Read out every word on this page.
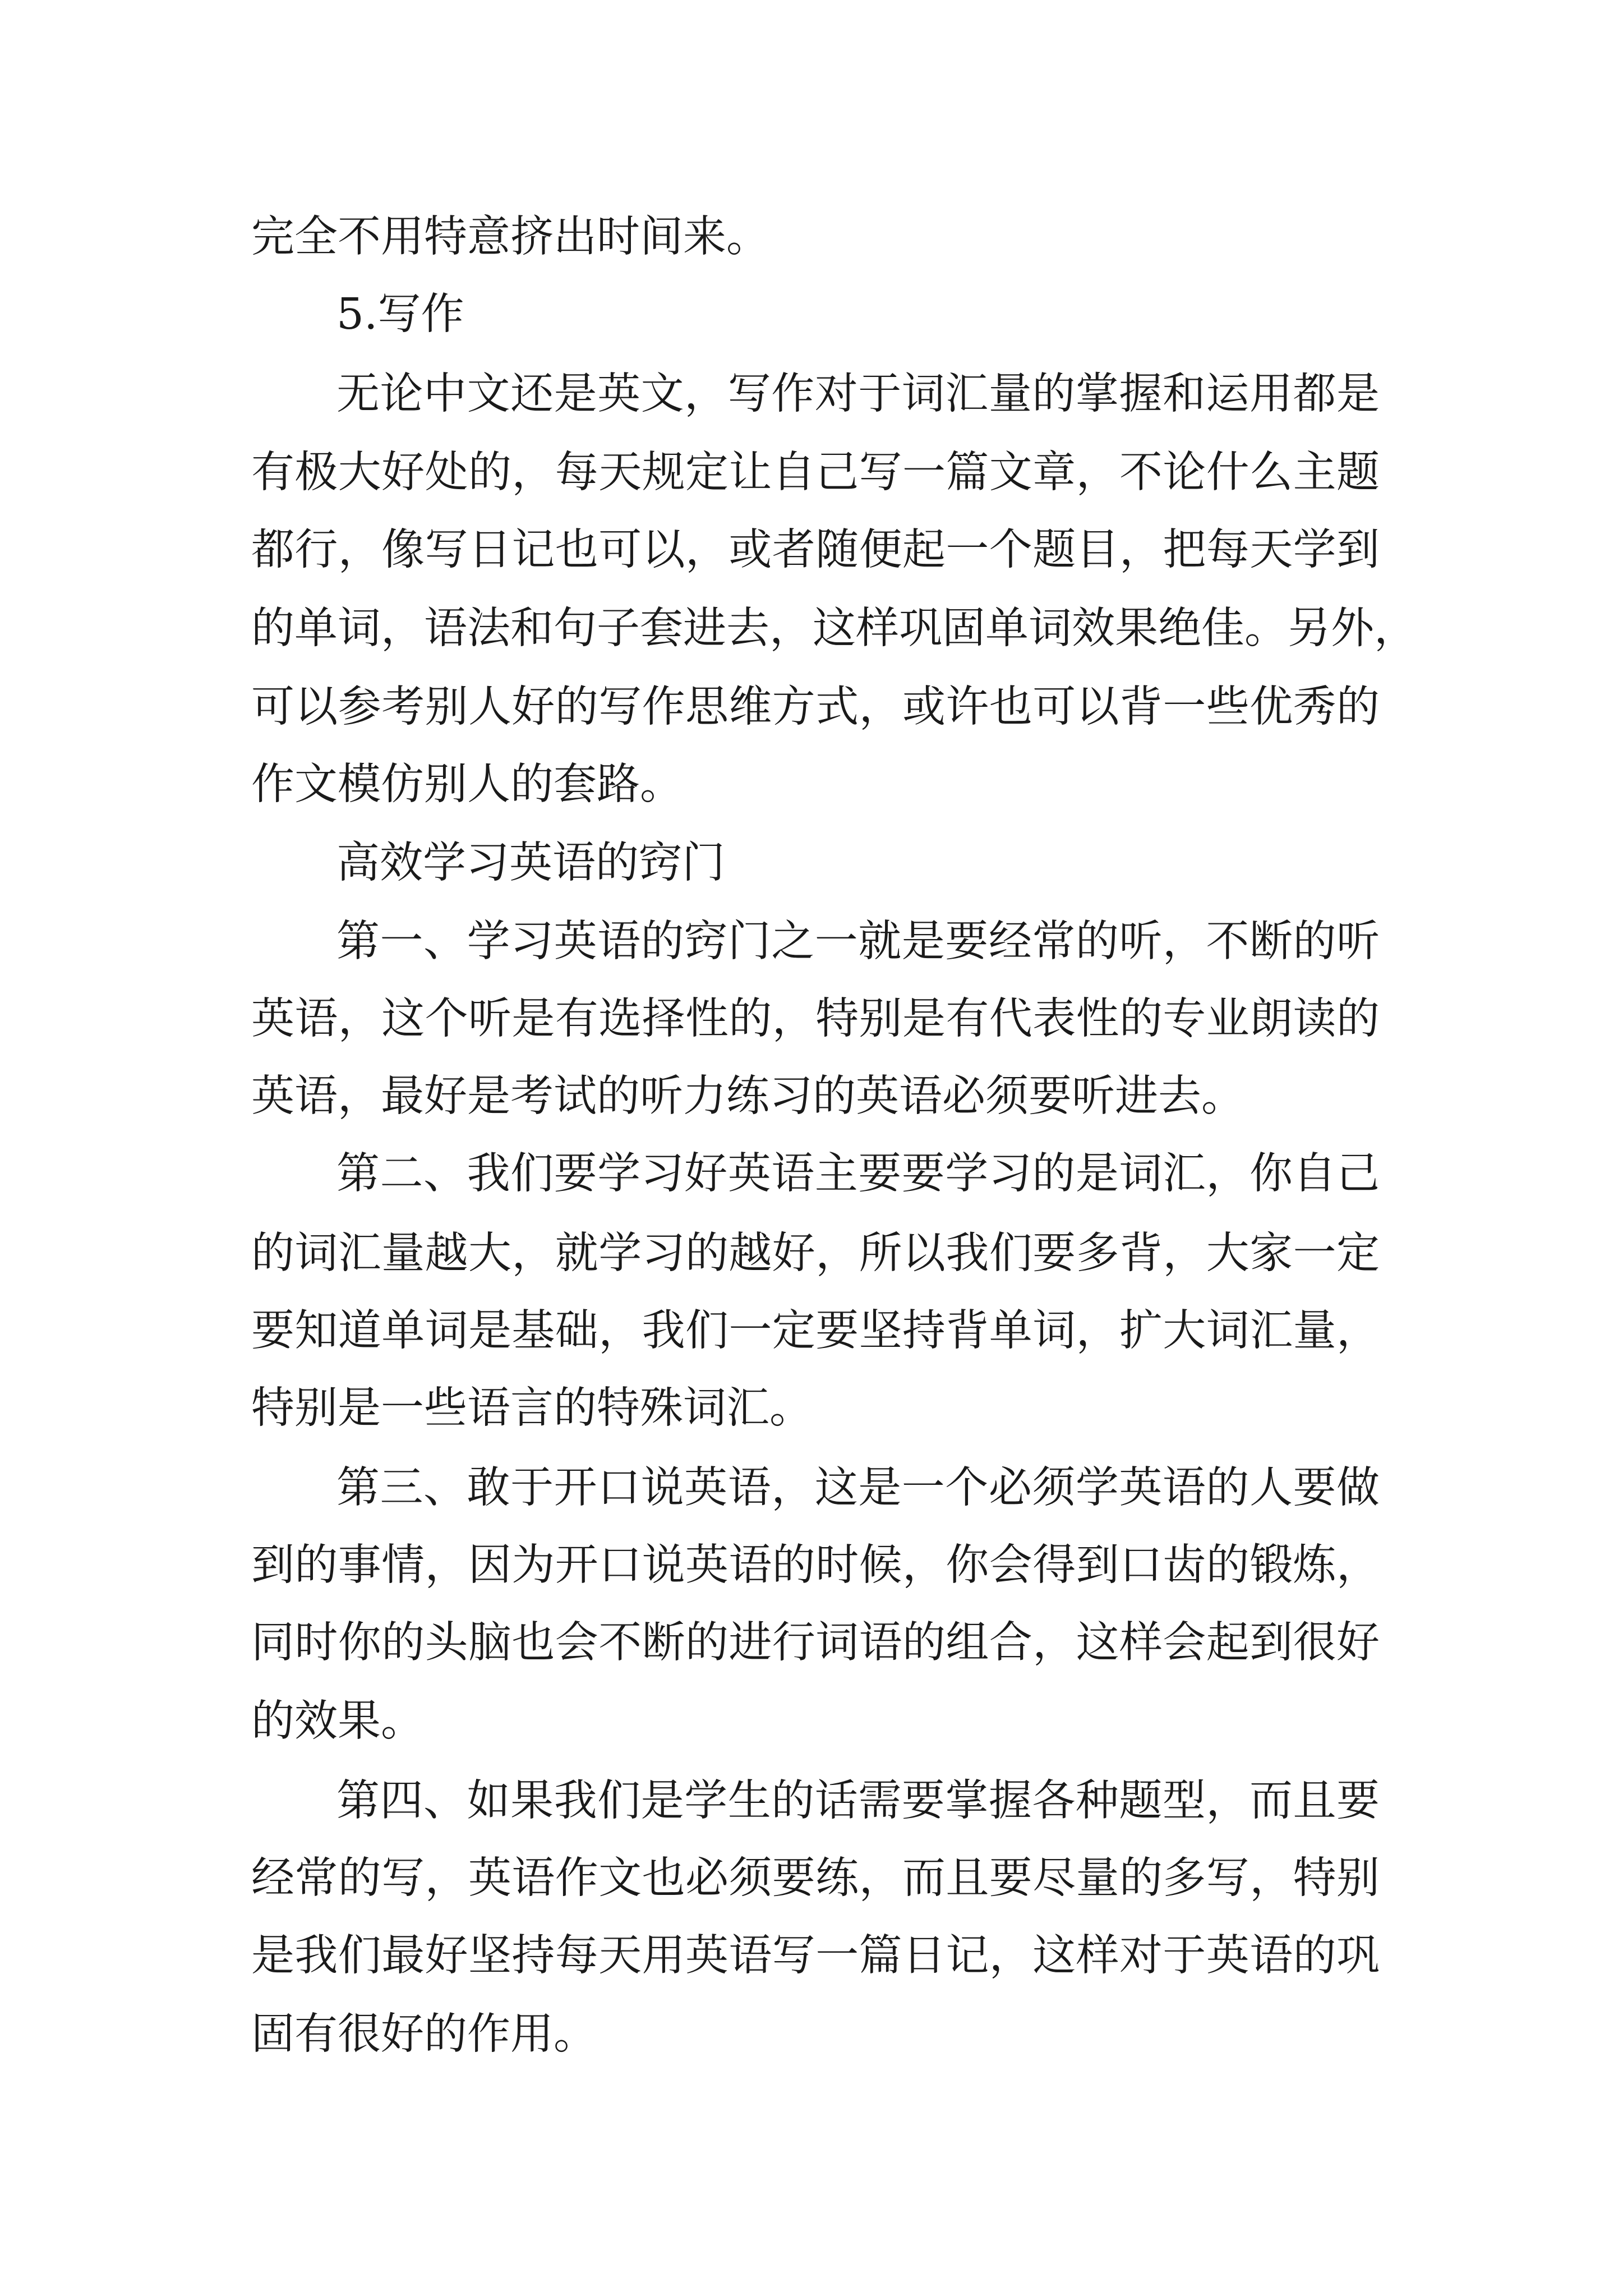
完全不用特意挤出时间来。
5.写作
无论中文还是英文，写作对于词汇量的掌握和运用都是
有极大好处的，每天规定让自己写一篇文章，不论什么主题
都行，像写日记也可以，或者随便起一个题目，把每天学到
的单词，语法和句子套进去，这样巩固单词效果绝佳。另外，
可以参考别人好的写作思维方式，或许也可以背一些优秀的
作文模仿别人的套路。
高效学习英语的窍门
第一、学习英语的窍门之一就是要经常的听，不断的听
英语，这个听是有选择性的，特别是有代表性的专业朗读的
英语，最好是考试的听力练习的英语必须要听进去。
第二、我们要学习好英语主要要学习的是词汇，你自己
的词汇量越大，就学习的越好，所以我们要多背，大家一定
要知道单词是基础，我们一定要坚持背单词，扩大词汇量，
特别是一些语言的特殊词汇。
第三、敢于开口说英语，这是一个必须学英语的人要做
到的事情，因为开口说英语的时候，你会得到口齿的锻炼，
同时你的头脑也会不断的进行词语的组合，这样会起到很好
的效果。
第四、如果我们是学生的话需要掌握各种题型，而且要
经常的写，英语作文也必须要练，而且要尽量的多写，特别
是我们最好坚持每天用英语写一篇日记，这样对于英语的巩
固有很好的作用。
